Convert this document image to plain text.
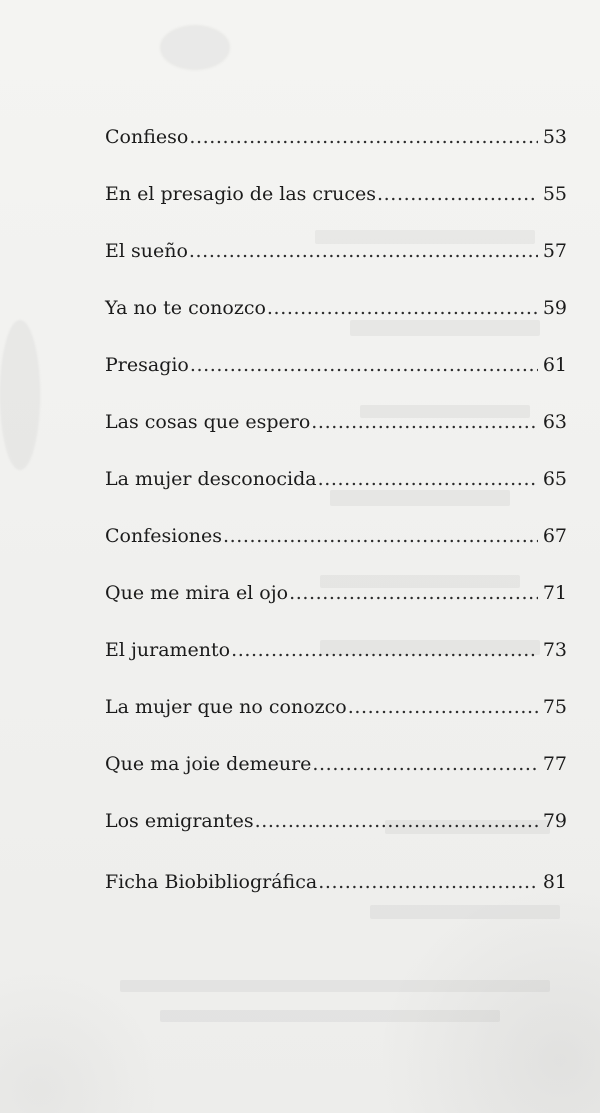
Confieso .....	53
En el presagio de las cruces .....	55
El sueño .....	57
Ya no te conozco .....	59
Presagio .....	61
Las cosas que espero .....	63
La mujer desconocida .....	65
Confesiones .....	67
Que me mira el ojo .....	71
El juramento .....	73
La mujer que no conozco .....	75
Que ma joie demeure .....	77
Los emigrantes .....	79
Ficha Biobibliográfica .....	81
